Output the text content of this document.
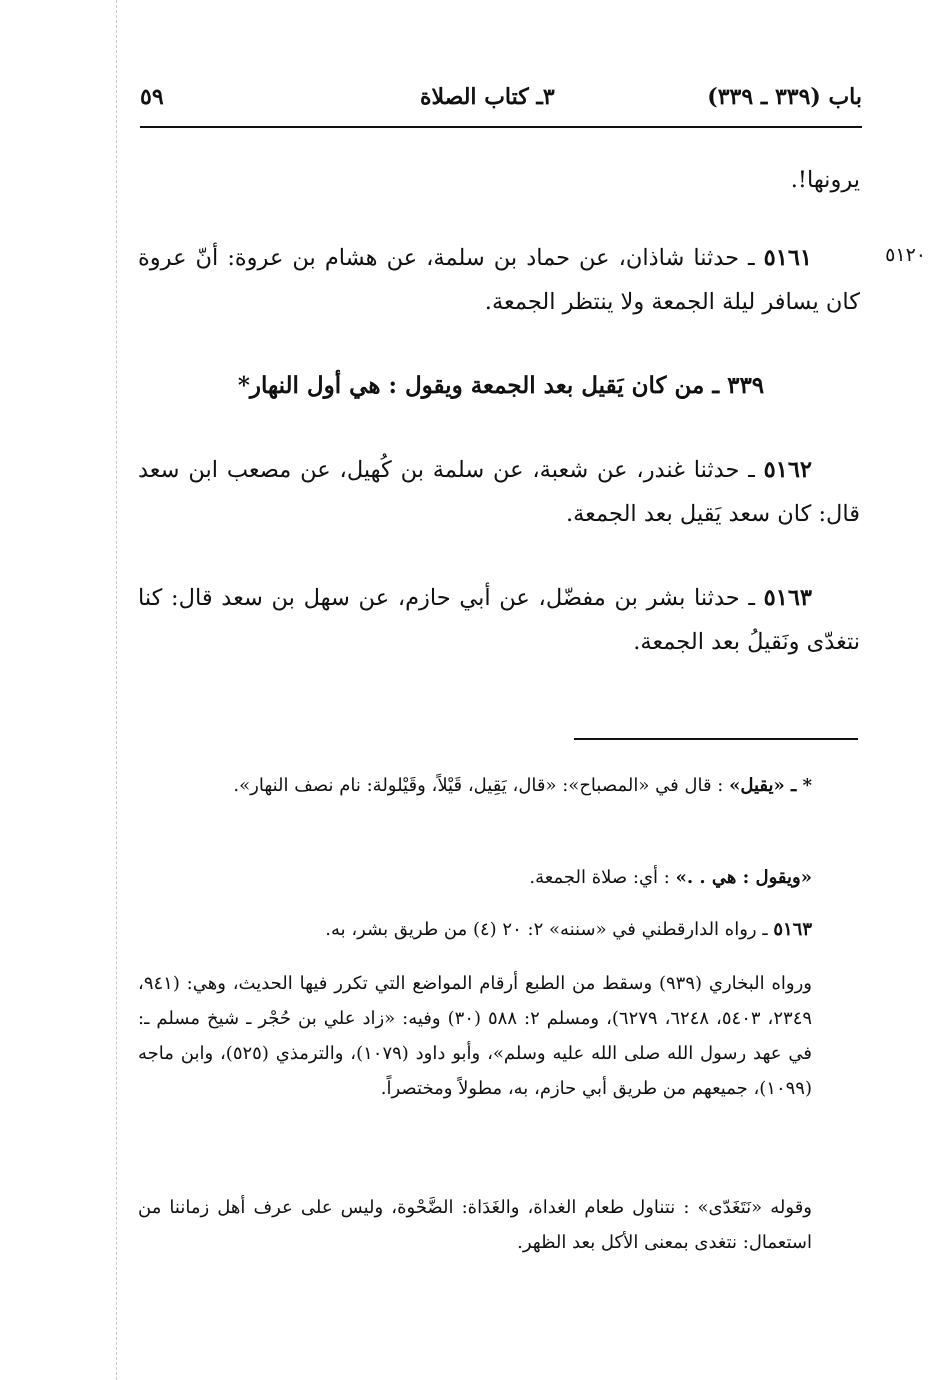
باب (٣٣٩ ـ ٣٣٩)
٣ـ كتاب الصلاة
٥٩
يرونها!.
٥١٢٠
٥١٦١ ـ حدثنا شاذان، عن حماد بن سلمة، عن هشام بن عروة: أنّ عروة كان يسافر ليلة الجمعة ولا ينتظر الجمعة.
٣٣٩ ـ من كان يَقيل بعد الجمعة ويقول : هي أول النهار*
٥١٦٢ ـ حدثنا غندر، عن شعبة، عن سلمة بن كُهيل، عن مصعب ابن سعد قال: كان سعد يَقيل بعد الجمعة.
٥١٦٣ ـ حدثنا بشر بن مفضّل، عن أبي حازم، عن سهل بن سعد قال: كنا نتغدّى ونَقيلُ بعد الجمعة.
* ـ «يقيل» : قال في «المصباح»: «قال، يَقِيل، قَيْلاً، وقَيْلولة: نام نصف النهار».
«ويقول : هي . .» : أي: صلاة الجمعة.
٥١٦٣ ـ رواه الدارقطني في «سننه» ٢: ٢٠ (٤) من طريق بشر، به.
ورواه البخاري (٩٣٩) وسقط من الطبع أرقام المواضع التي تكرر فيها الحديث، وهي: (٩٤١، ٢٣٤٩، ٥٤٠٣، ٦٢٤٨، ٦٢٧٩)، ومسلم ٢: ٥٨٨ (٣٠) وفيه: «زاد علي بن حُجْر ـ شيخ مسلم ـ: في عهد رسول الله صلى الله عليه وسلم»، وأبو داود (١٠٧٩)، والترمذي (٥٢٥)، وابن ماجه (١٠٩٩)، جميعهم من طريق أبي حازم، به، مطولاً ومختصراً.
وقوله «نَتَغَدّى» : نتناول طعام الغداة، والغَدَاة: الضَّحْوة، وليس على عرف أهل زماننا من استعمال: نتغدى بمعنى الأكل بعد الظهر.
